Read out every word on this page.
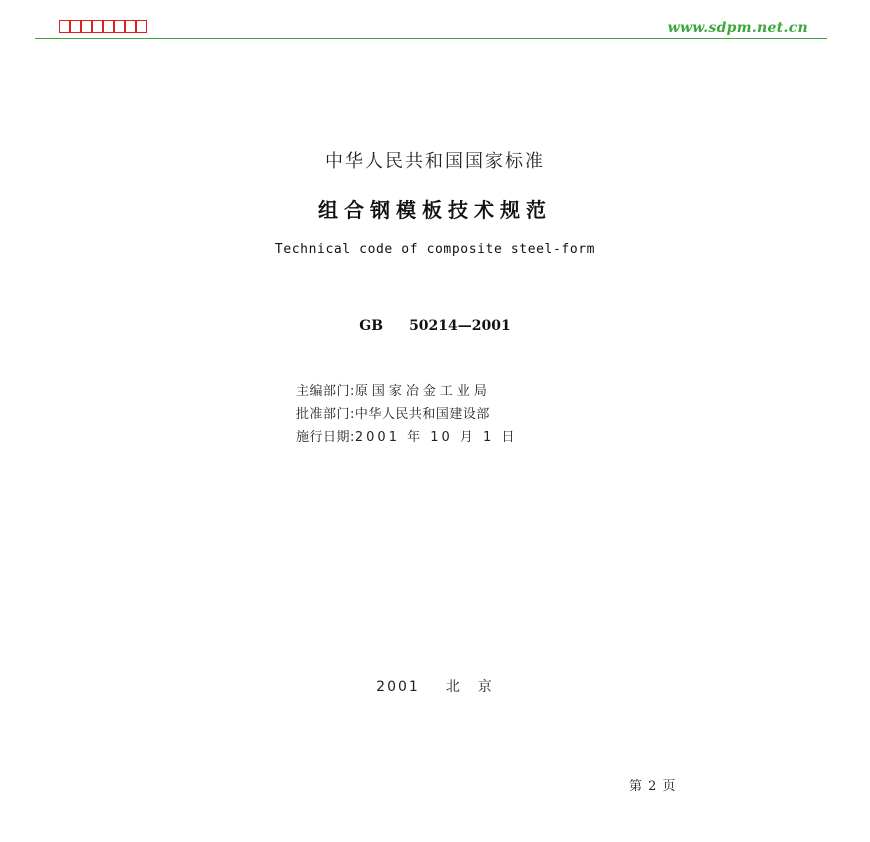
www.sdpm.net.cn
中华人民共和国国家标准
组合钢模板技术规范
Technical code of composite steel-form
GB 50214—2001
主编部门:原国家冶金工业局
批准部门:中华人民共和国建设部
施行日期:2001 年 10 月 1 日
2001 北　京
第 2 页
